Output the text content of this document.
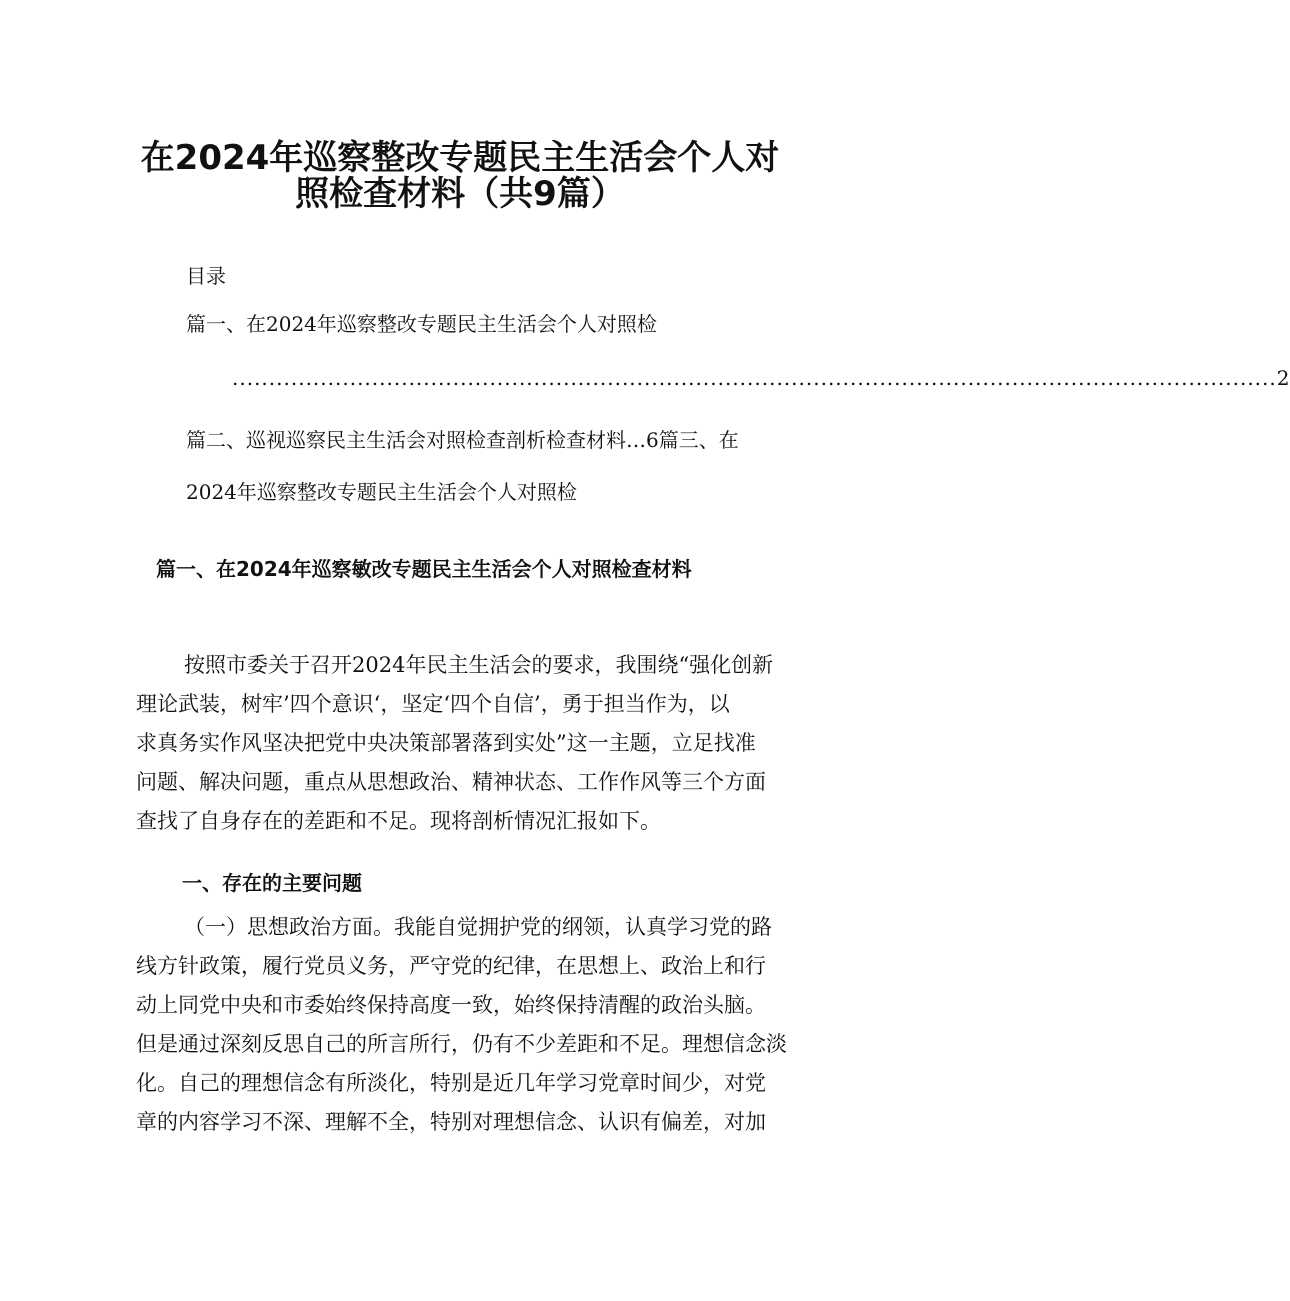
在2024年巡察整改专题民主生活会个人对
照检查材料（共9篇）
目录
篇一、在2024年巡察整改专题民主生活会个人对照检
.............................................................................................................................................. 2
篇二、巡视巡察民主生活会对照检查剖析检查材料…6篇三、在
2024年巡察整改专题民主生活会个人对照检
篇一、在2024年巡察敏改专题民主生活会个人对照检查材料
按照市委关于召开2024年民主生活会的要求，我围绕“强化创新
理论武装，树牢’四个意识‘，坚定‘四个自信’，勇于担当作为，以
求真务实作风坚决把党中央决策部署落到实处”这一主题，立足找准
问题、解决问题，重点从思想政治、精神状态、工作作风等三个方面
查找了自身存在的差距和不足。现将剖析情况汇报如下。
一、存在的主要问题
（一）思想政治方面。我能自觉拥护党的纲领，认真学习党的路
线方针政策，履行党员义务，严守党的纪律，在思想上、政治上和行
动上同党中央和市委始终保持高度一致，始终保持清醒的政治头脑。
但是通过深刻反思自己的所言所行，仍有不少差距和不足。理想信念淡
化。自己的理想信念有所淡化，特别是近几年学习党章时间少，对党
章的内容学习不深、理解不全，特别对理想信念、认识有偏差，对加
